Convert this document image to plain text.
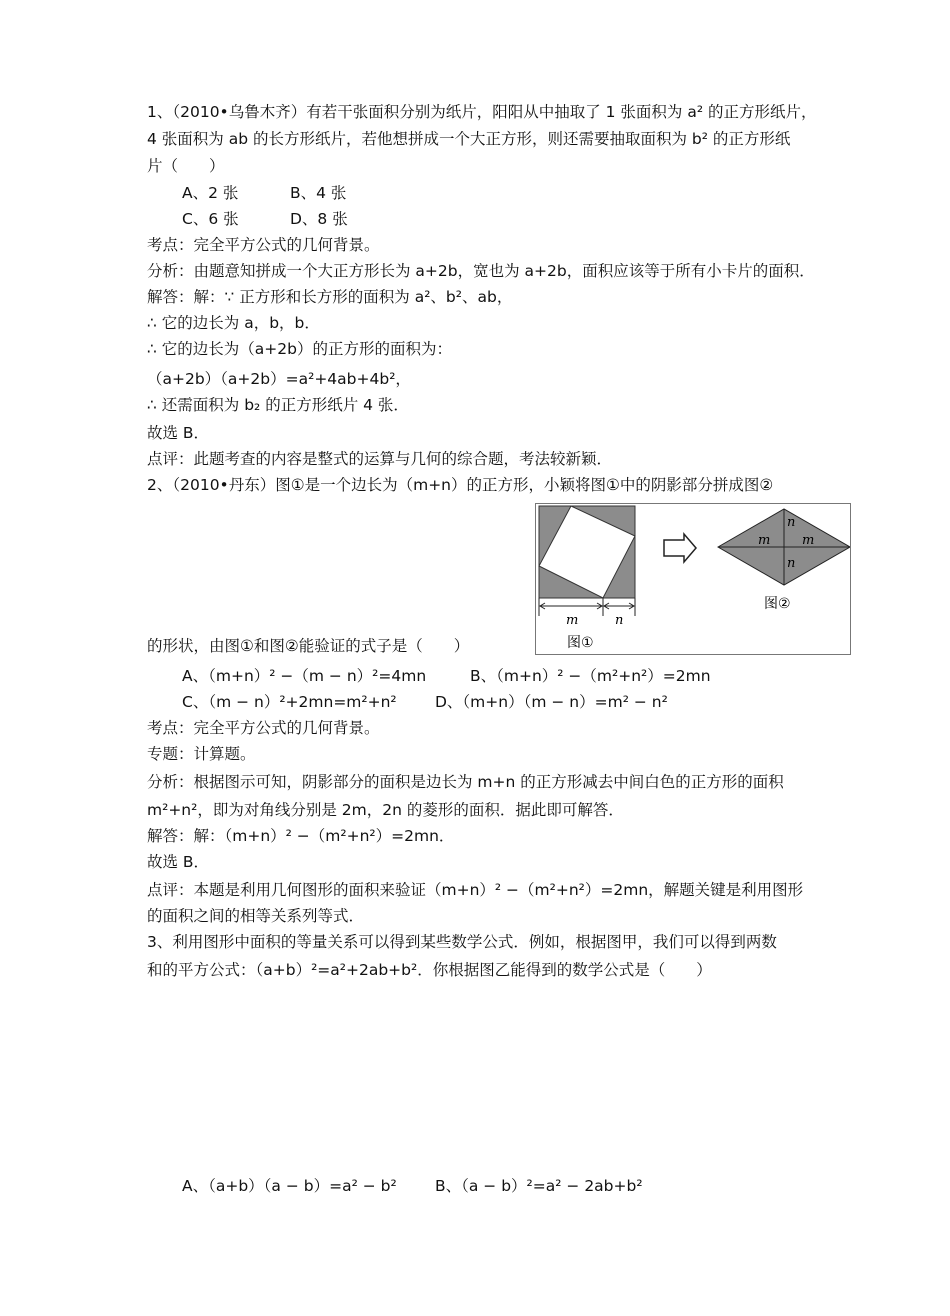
1、（2010•乌鲁木齐）有若干张面积分别为纸片，阳阳从中抽取了 1 张面积为 a² 的正方形纸片，
4 张面积为 ab 的长方形纸片，若他想拼成一个大正方形，则还需要抽取面积为 b² 的正方形纸
片（　　）
A、2 张	B、4 张
C、6 张	D、8 张
考点：完全平方公式的几何背景。
分析：由题意知拼成一个大正方形长为 a+2b，宽也为 a+2b，面积应该等于所有小卡片的面积．
解答：解：∵ 正方形和长方形的面积为 a²、b²、ab，
∴ 它的边长为 a，b，b．
∴ 它的边长为（a+2b）的正方形的面积为：
（a+2b）（a+2b）=a²+4ab+4b²，
∴ 还需面积为 b₂ 的正方形纸片 4 张．
故选 B．
点评：此题考查的内容是整式的运算与几何的综合题，考法较新颖．
2、（2010•丹东）图①是一个边长为（m+n）的正方形，小颖将图①中的阴影部分拼成图②
m	n
图①
m m
n
n
图②
的形状，由图①和图②能验证的式子是（　　）
A、（m+n）² −（m − n）²=4mn	B、（m+n）² −（m²+n²）=2mn
C、（m − n）²+2mn=m²+n² D、（m+n）（m − n）=m² − n²
考点：完全平方公式的几何背景。
专题：计算题。
分析：根据图示可知，阴影部分的面积是边长为 m+n 的正方形减去中间白色的正方形的面积
m²+n²，即为对角线分别是 2m，2n 的菱形的面积．据此即可解答．
解答：解：（m+n）² −（m²+n²）=2mn．
故选 B．
点评：本题是利用几何图形的面积来验证（m+n）² −（m²+n²）=2mn，解题关键是利用图形
的面积之间的相等关系列等式．
3、利用图形中面积的等量关系可以得到某些数学公式．例如，根据图甲，我们可以得到两数
和的平方公式：（a+b）²=a²+2ab+b²．你根据图乙能得到的数学公式是（　　）
A、（a+b）（a − b）=a² − b² B、（a − b）²=a² − 2ab+b²
